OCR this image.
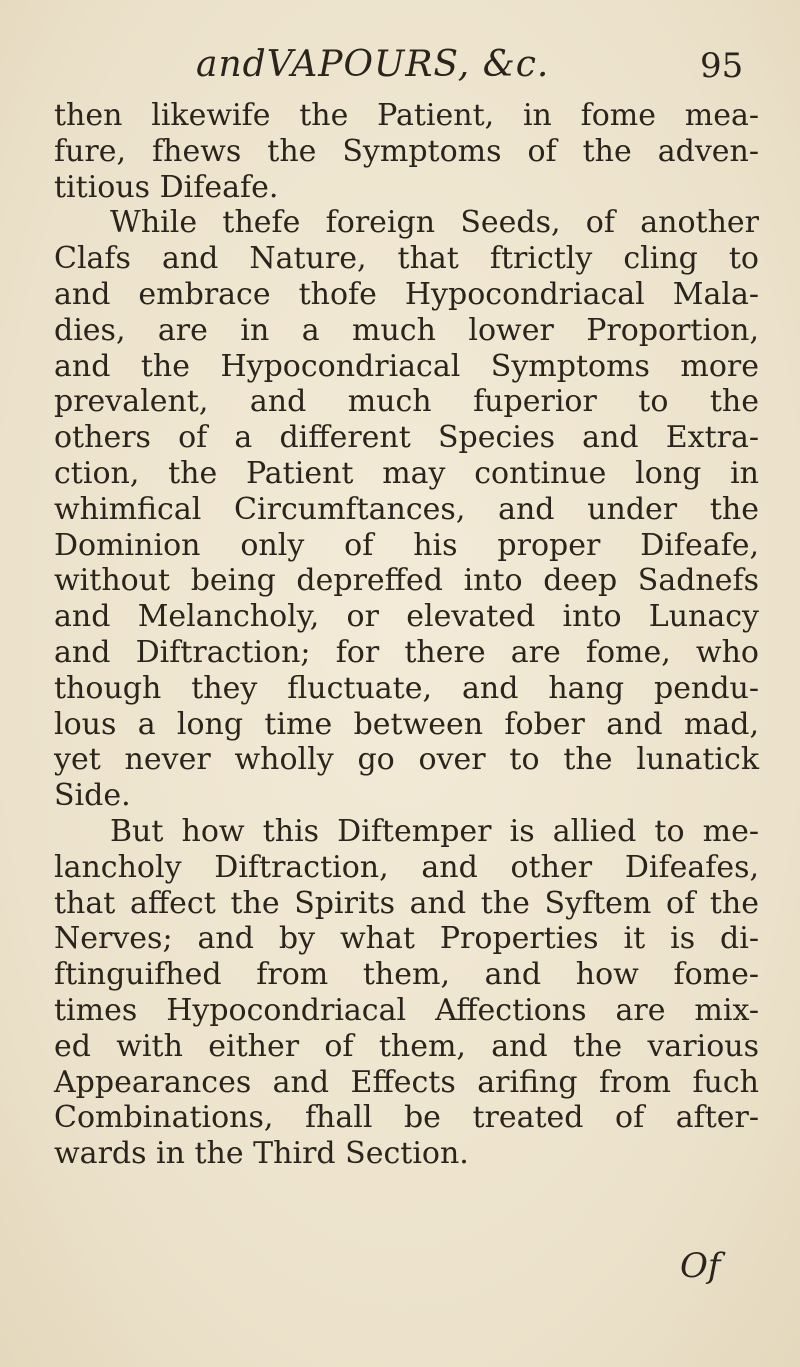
andVAPOURS, &c.	95
then likewife the Patient, in fome mea-
fure, fhews the Symptoms of the adven-
titious Difeafe.
While thefe foreign Seeds, of another
Clafs and Nature, that ftrictly cling to
and embrace thofe Hypocondriacal Mala-
dies, are in a much lower Proportion,
and the Hypocondriacal Symptoms more
prevalent, and much fuperior to the
others of a different Species and Extra-
ction, the Patient may continue long in
whimfical Circumftances, and under the
Dominion only of his proper Difeafe,
without being depreffed into deep Sadnefs
and Melancholy, or elevated into Lunacy
and Diftraction; for there are fome, who
though they fluctuate, and hang pendu-
lous a long time between fober and mad,
yet never wholly go over to the lunatick
Side.
But how this Diftemper is allied to me-
lancholy Diftraction, and other Difeafes,
that affect the Spirits and the Syftem of the
Nerves; and by what Properties it is di-
ftinguifhed from them, and how fome-
times Hypocondriacal Affections are mix-
ed with either of them, and the various
Appearances and Effects arifing from fuch
Combinations, fhall be treated of after-
wards in the Third Section.
Of
